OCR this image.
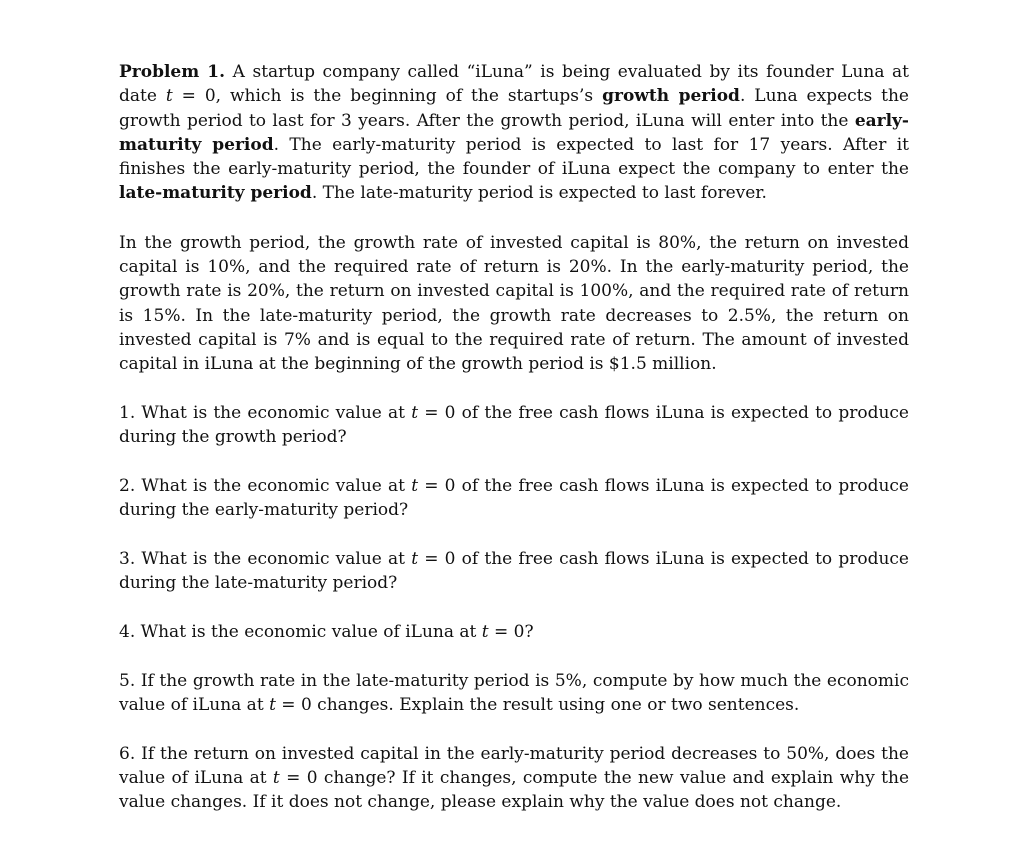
Problem 1. A startup company called “iLuna” is being evaluated by its founder Luna at date t = 0, which is the beginning of the startups’s growth period. Luna expects the growth period to last for 3 years. After the growth period, iLuna will enter into the early-maturity period. The early-maturity period is expected to last for 17 years. After it finishes the early-maturity period, the founder of iLuna expect the company to enter the late-maturity period. The late-maturity period is expected to last forever.

In the growth period, the growth rate of invested capital is 80%, the return on invested capital is 10%, and the required rate of return is 20%. In the early-maturity period, the growth rate is 20%, the return on invested capital is 100%, and the required rate of return is 15%. In the late-maturity period, the growth rate decreases to 2.5%, the return on invested capital is 7% and is equal to the required rate of return. The amount of invested capital in iLuna at the beginning of the growth period is $1.5 million.

1. What is the economic value at t = 0 of the free cash flows iLuna is expected to produce during the growth period?

2. What is the economic value at t = 0 of the free cash flows iLuna is expected to produce during the early-maturity period?

3. What is the economic value at t = 0 of the free cash flows iLuna is expected to produce during the late-maturity period?

4. What is the economic value of iLuna at t = 0?

5. If the growth rate in the late-maturity period is 5%, compute by how much the economic value of iLuna at t = 0 changes. Explain the result using one or two sentences.

6. If the return on invested capital in the early-maturity period decreases to 50%, does the value of iLuna at t = 0 change? If it changes, compute the new value and explain why the value changes. If it does not change, please explain why the value does not change.
